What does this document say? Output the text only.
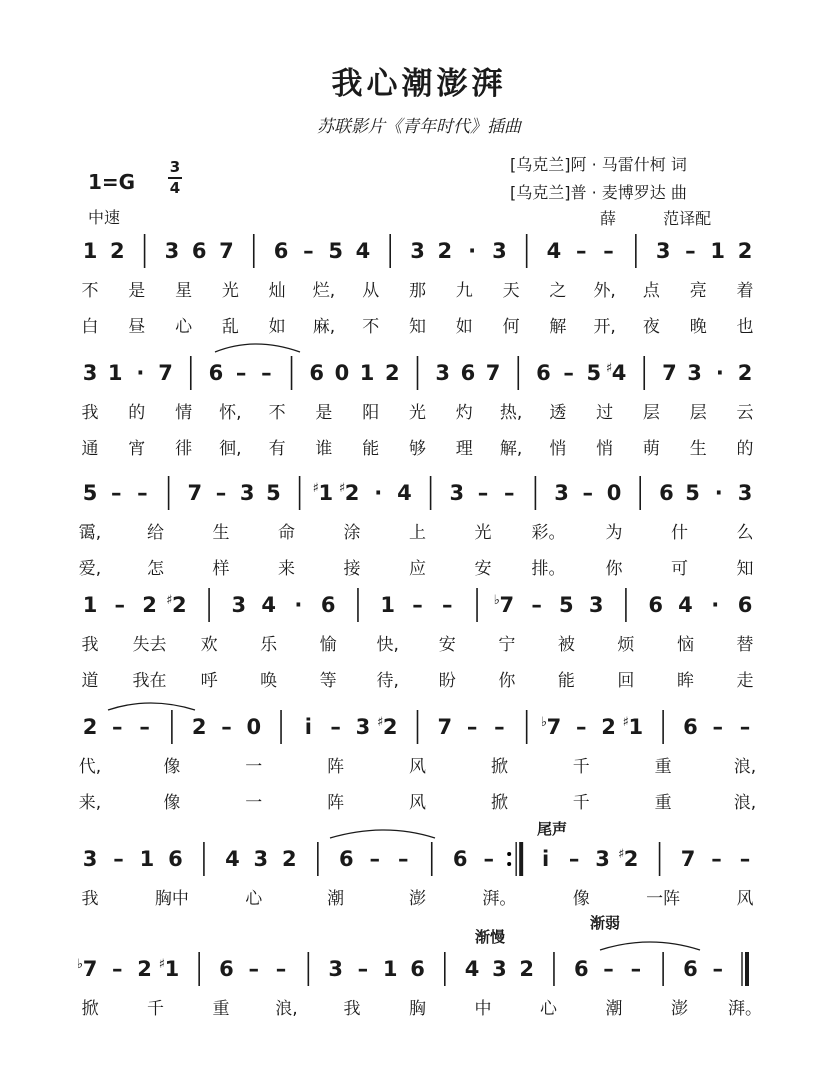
我心潮澎湃
苏联影片《青年时代》插曲
1=G
3
4
中速
[乌克兰]阿 · 马雷什柯 词
[乌克兰]普 · 麦博罗达 曲
薛 范译配
1 2 3 6 7 6 – 5 4 3 2 · 3 4 – – 3 – 1 2
不 是 星 光 灿 烂, 从 那 九 天 之 外, 点 亮 着
白 昼 心 乱 如 麻, 不 知 如 何 解 开, 夜 晚 也
3 1 · 7 6 – – 6 0 1 2 3 6 7 6 – 5 ♯ 4 7 3 · 2
我 的 情 怀, 不 是 阳 光 灼 热, 透 过 层 层 云
通 宵 徘 徊, 有 谁 能 够 理 解, 悄 悄 萌 生 的
5 – – 7 – 3 5 ♯ 1 ♯ 2 · 4 3 – – 3 – 0 6 5 · 3
霭,	给	生	命	涂	上	光 彩。 为	什	么
爱,	怎	样	来	接	应	安 排。 你	可	知
1 – 2 ♯ 2 3 4 · 6 1 – –	♭ 7 – 5 3 6 4 · 6
我 失去 欢	乐	愉 快, 安	宁	被	烦	恼	替
道 我在 呼	唤	等 待, 盼	你	能	回	眸	走
2 – – 2 – 0 i – 3 ♯ 2 7 – –	♭ 7 – 2 ♯ 1 6 – –
代,	像	一	阵	风	掀	千	重	浪,
来,	像	一	阵	风	掀	千	重	浪,
3 – 1 6 4 3 2 6 – – 6 – i – 3 ♯ 2 7 – –
我	胸中	心	潮	澎	湃。	像	一阵	风
尾声
♭ 7 – 2 ♯ 1 6 – – 3 – 1 6 4 3 2 6 – – 6 –
掀	千	重	浪,	我	胸	中	心	潮	澎 湃。
渐慢
渐弱
